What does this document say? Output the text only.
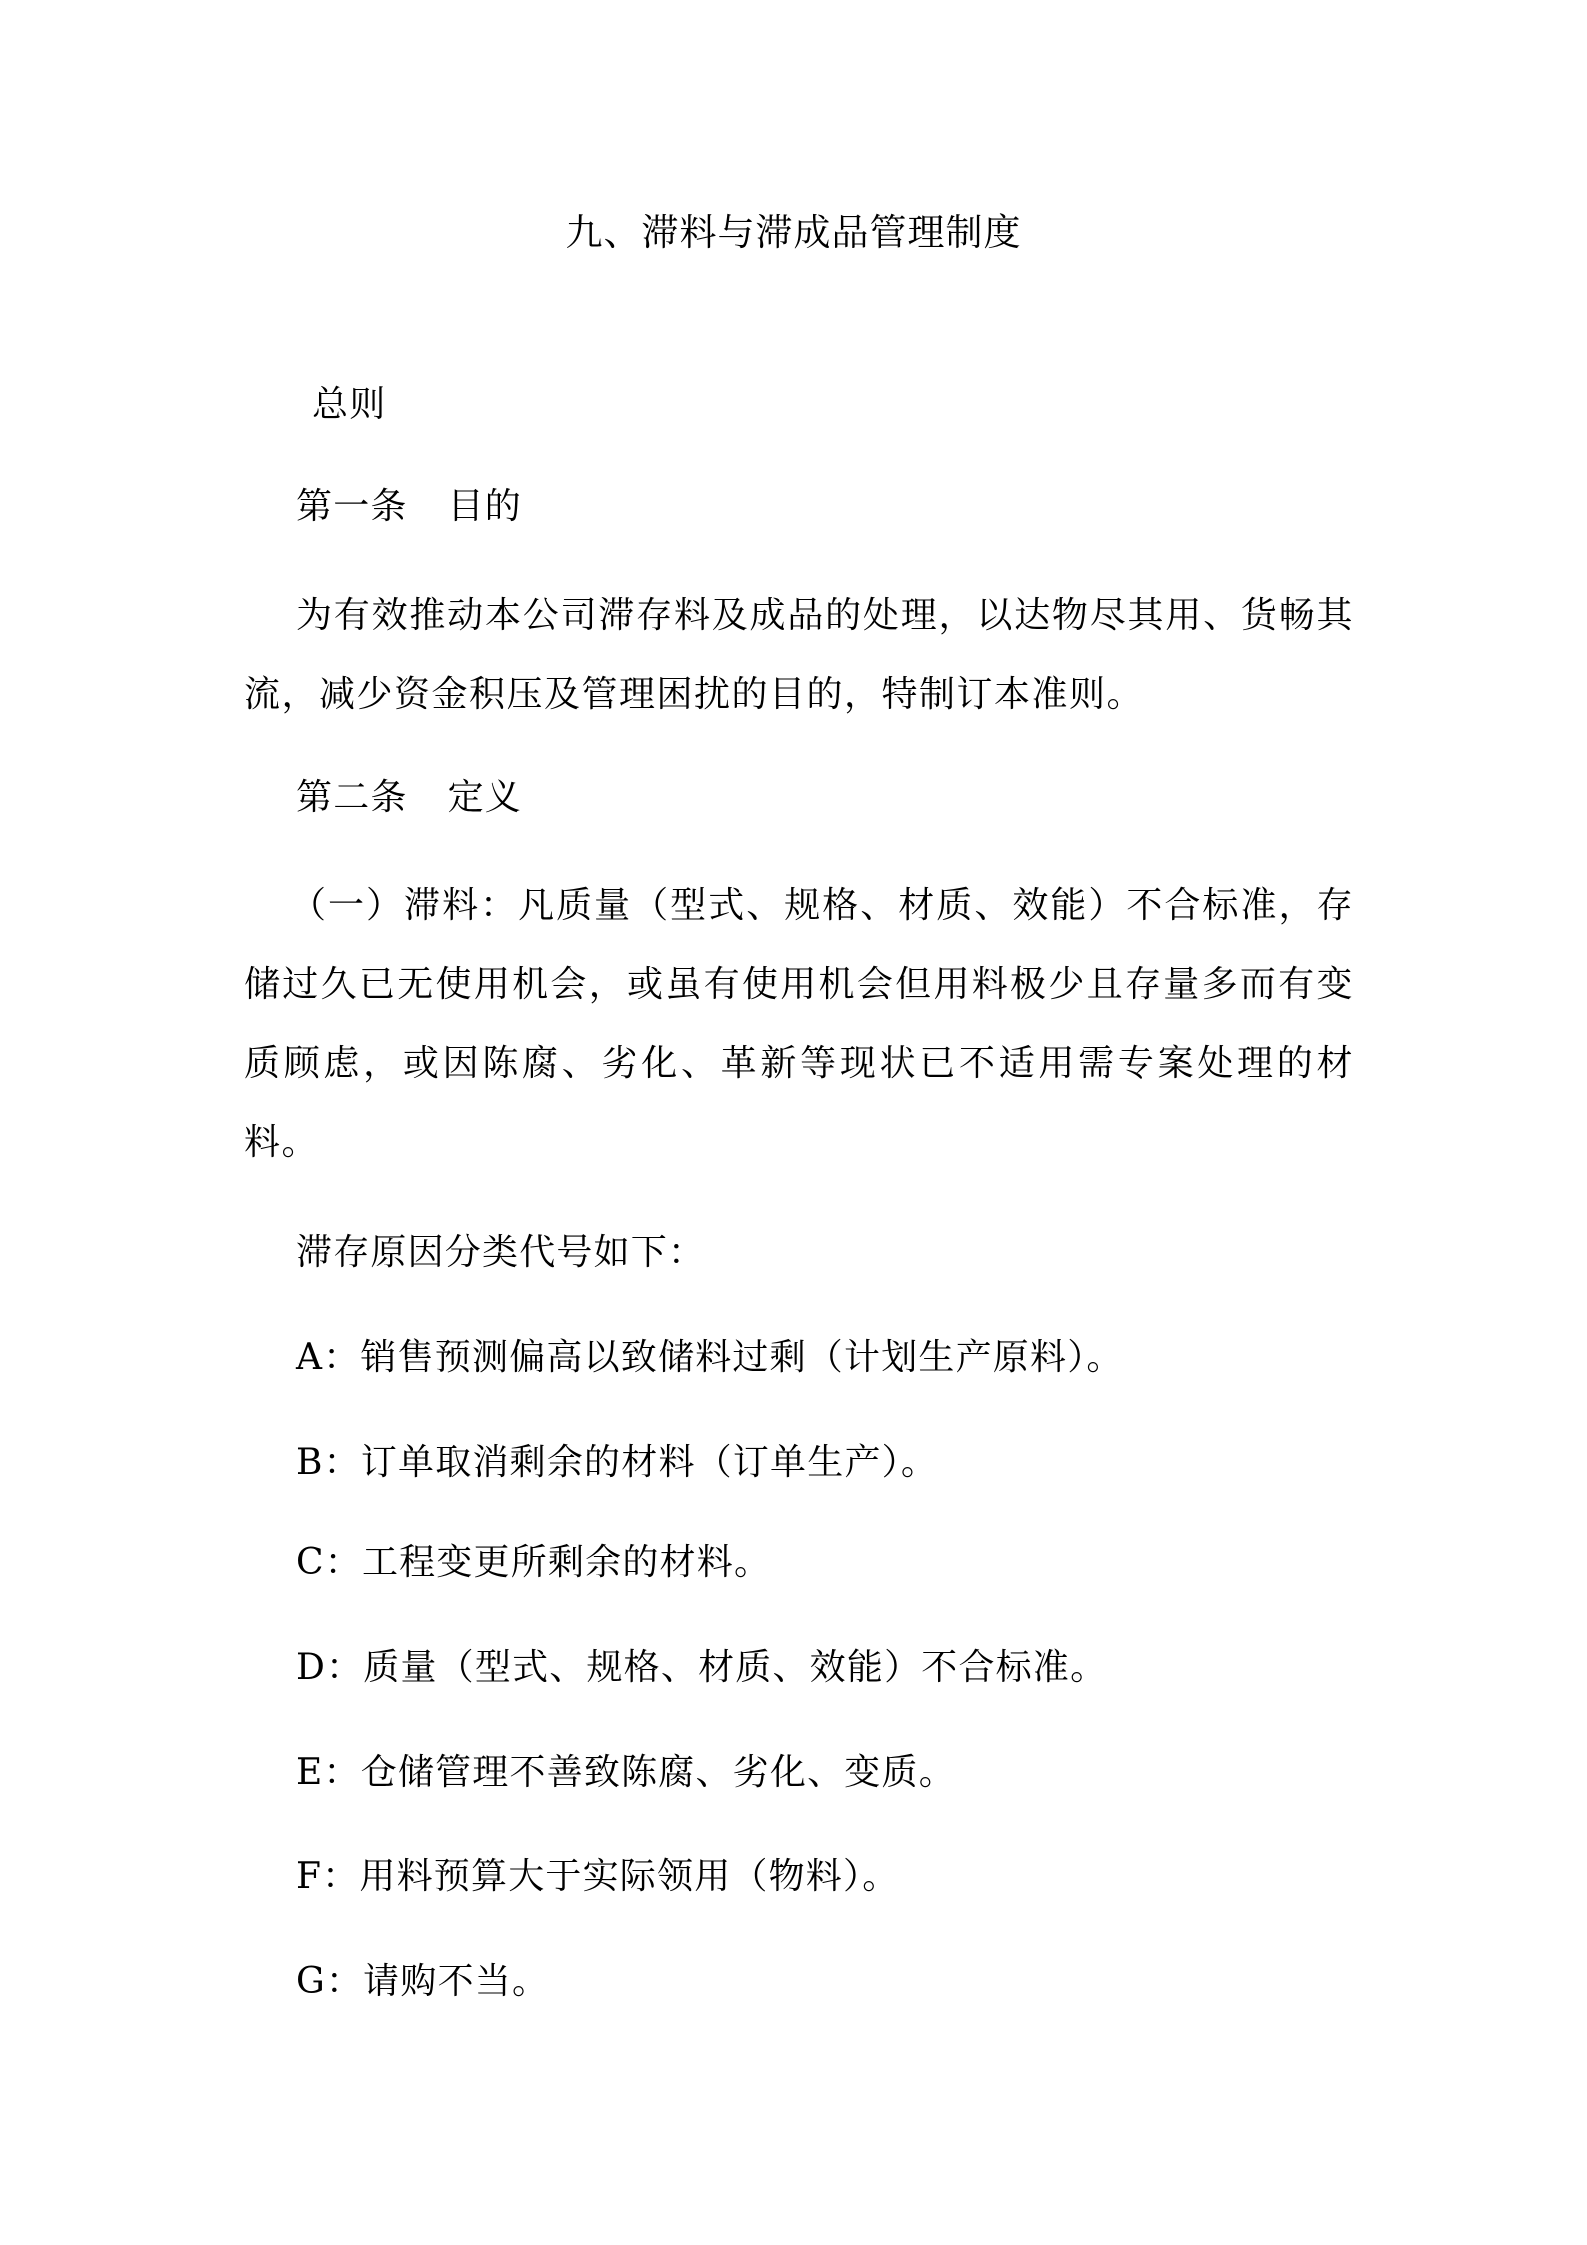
九、滞料与滞成品管理制度
总则
第一条 目的
为有效推动本公司滞存料及成品的处理，以达物尽其用、货畅其流，减少资金积压及管理困扰的目的，特制订本准则。
第二条 定义
（一）滞料：凡质量（型式、规格、材质、效能）不合标准，存储过久已无使用机会，或虽有使用机会但用料极少且存量多而有变质顾虑，或因陈腐、劣化、革新等现状已不适用需专案处理的材料。
滞存原因分类代号如下：
A：销售预测偏高以致储料过剩（计划生产原料）。
B：订单取消剩余的材料（订单生产）。
C：工程变更所剩余的材料。
D：质量（型式、规格、材质、效能）不合标准。
E：仓储管理不善致陈腐、劣化、变质。
F：用料预算大于实际领用（物料）。
G：请购不当。
